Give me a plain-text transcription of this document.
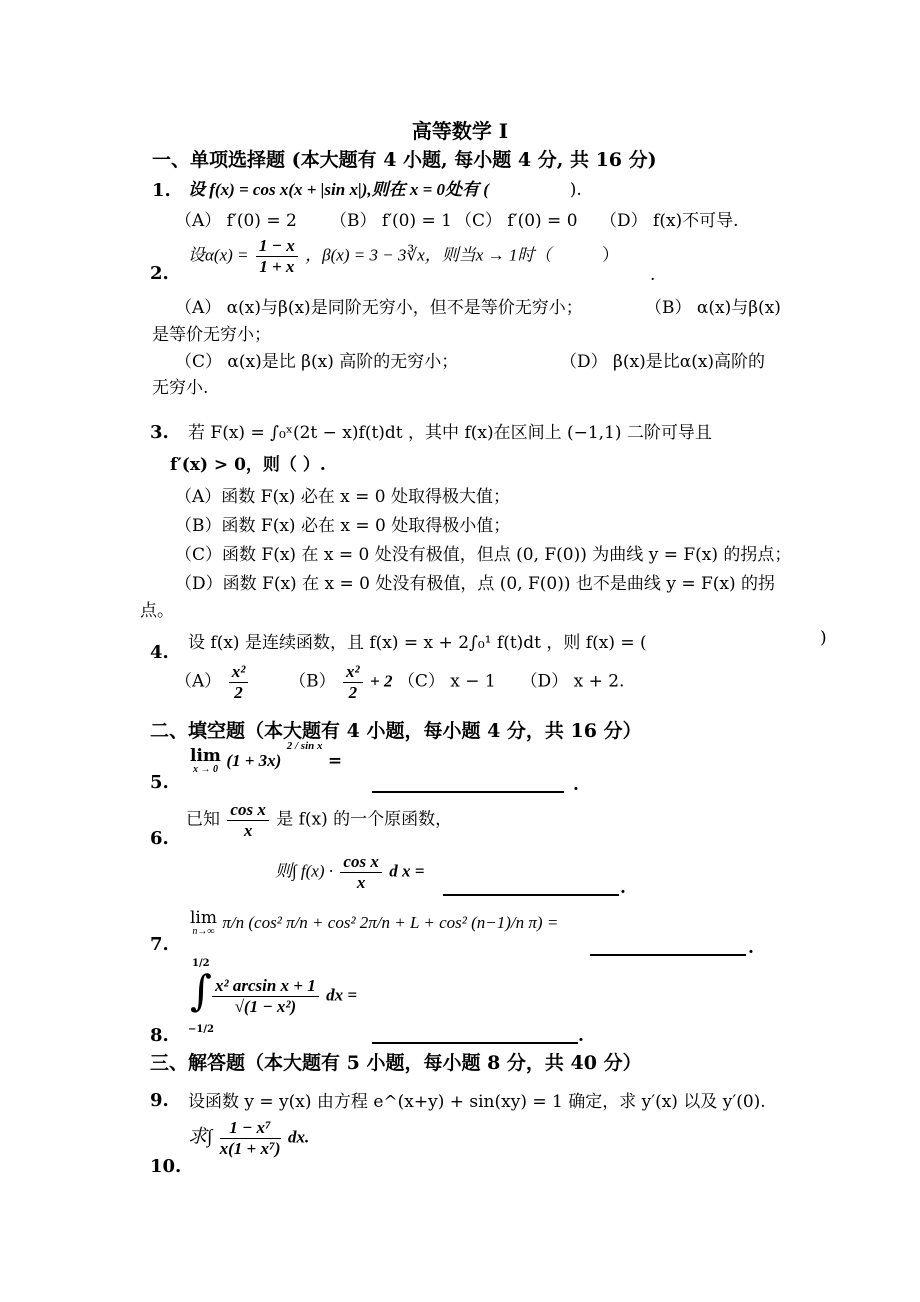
高等数学 I
一、单项选择题 (本大题有 4 小题, 每小题 4 分, 共 16 分)
1. 设 f(x) = cos x(x + |sin x|),则在 x = 0处有 (	).
（A） f′(0) = 2 （B） f′(0) = 1 （C） f′(0) = 0 （D） f(x)不可导.
2.
设$\alpha(x) = \frac{1 - x}{1 + x}$ ，β(x) = 3 − 3∛x，则当x → 1时（	）
.
（A） α(x)与β(x)是同阶无穷小，但不是等价无穷小；	（B） α(x)与β(x)
是等价无穷小；
（C） α(x)是比 β(x) 高阶的无穷小；	（D） β(x)是比α(x)高阶的
无穷小.
3. 若 F(x) = ∫₀ˣ(2t − x)f(t)dt ，其中 f(x)在区间上 (−1,1) 二阶可导且
f′(x) > 0，则（ ）.
（A）函数 F(x) 必在 x = 0 处取得极大值；
（B）函数 F(x) 必在 x = 0 处取得极小值；
（C）函数 F(x) 在 x = 0 处没有极值，但点 (0, F(0)) 为曲线 y = F(x) 的拐点；
（D）函数 F(x) 在 x = 0 处没有极值，点 (0, F(0)) 也不是曲线 y = F(x) 的拐
点。
4. 设 f(x) 是连续函数，且 f(x) = x + 2∫₀¹ f(t)dt ，则 f(x) = (	)
$(A) \frac{\text{x²}}{2} (B) \frac{\text{x²}}{2} + 2$ （C） x − 1 （D） x + 2.
二、填空题（本大题有 4 小题，每小题 4 分，共 16 分）
5.
lim
x → 0 (1 + 3x) $^{2 / sin x}$ =
.
6.
已知 $\frac{\text{cos x}}{x}$ 是 f(x) 的一个原函数，
则∫ $f(x) \cdot \frac{\text{cos x}}{x}$ d x =
.
7.
lim
n→∞ π/n (cos² π/n + cos² 2π/n + L + cos² (n−1)/n π) =
.
8.
1/2
∫
−1/2
$\frac{\text{x² arcsin x + 1}}{\text{√(1 − x²)}}$ dx =
.
三、解答题（本大题有 5 小题，每小题 8 分，共 40 分）
9. 设函数 y = y(x) 由方程 e^(x+y) + sin(xy) = 1 确定，求 y′(x) 以及 y′(0).
10.
求∫ $\frac{\text{1 − x⁷}}{\text{x(1 + x⁷)}}$ dx.
